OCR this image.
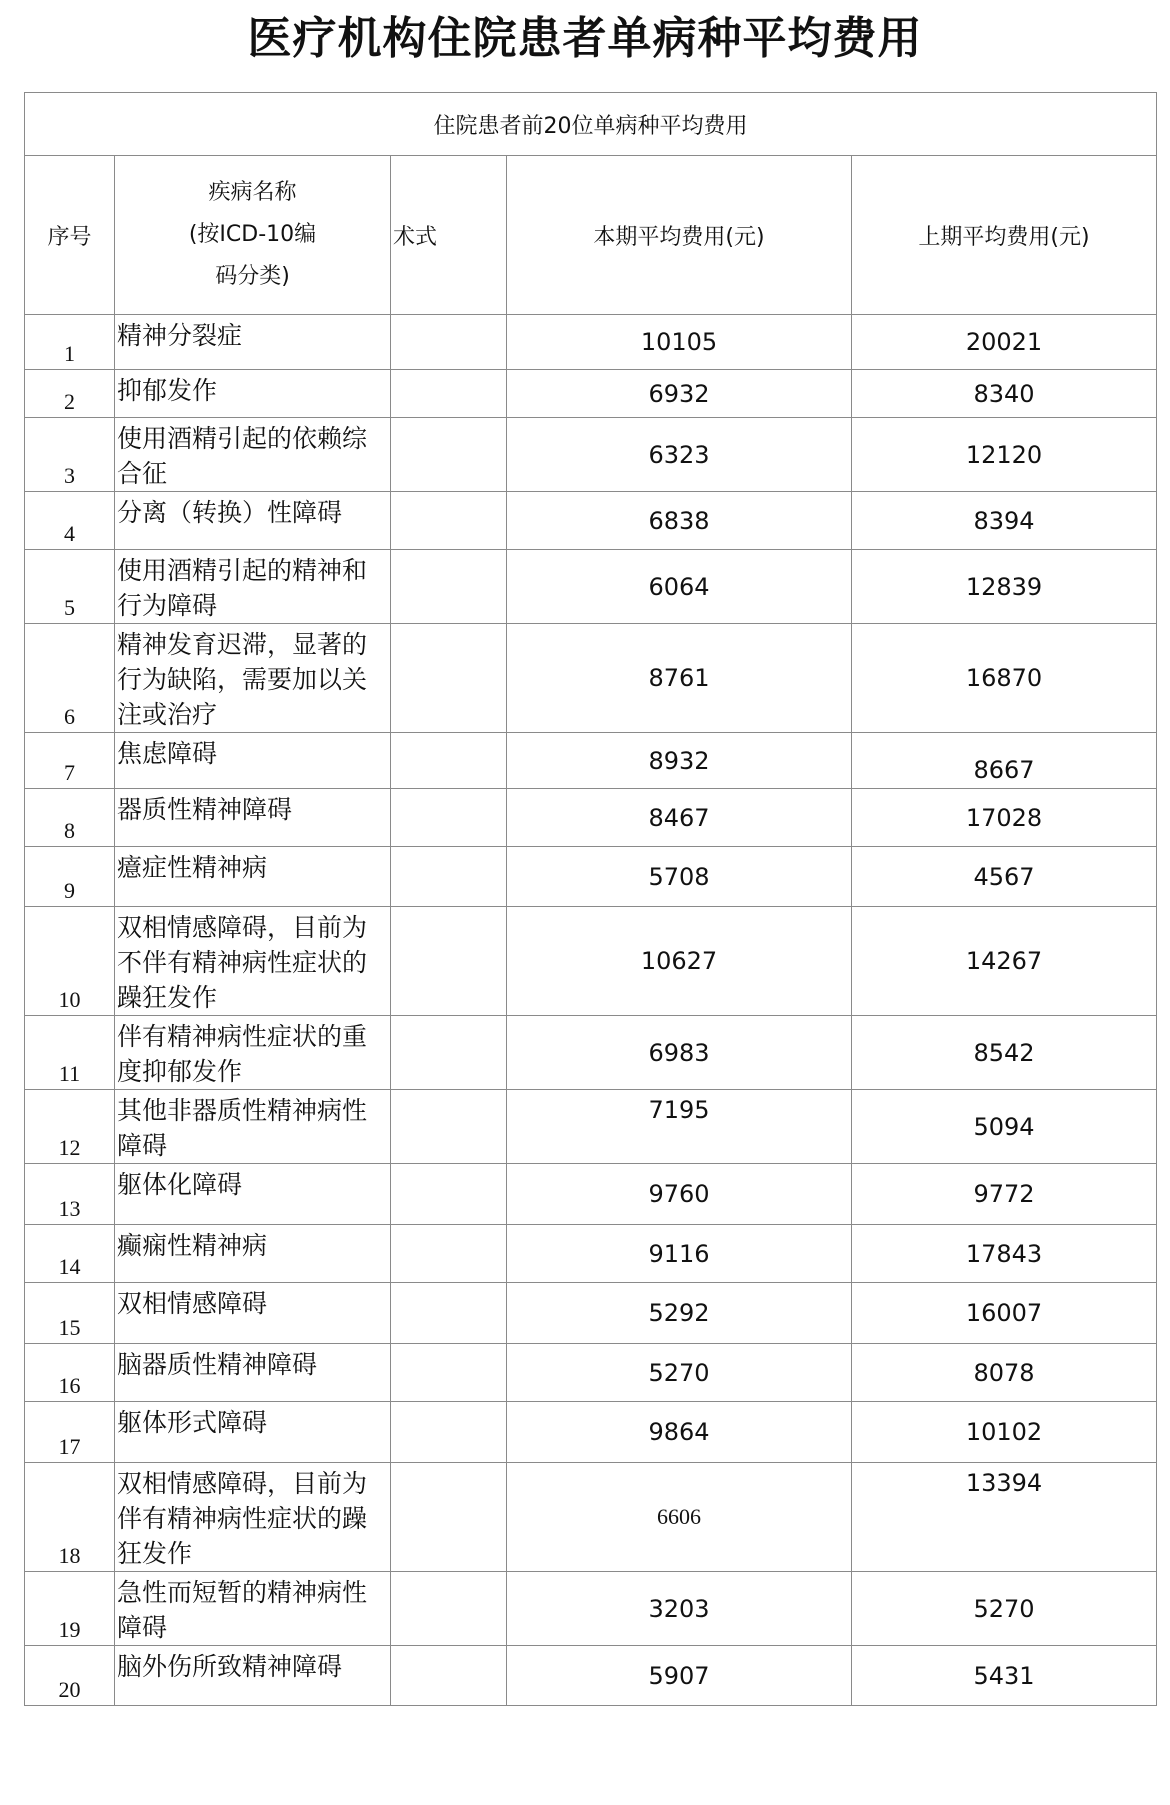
医疗机构住院患者单病种平均费用
住院患者前20位单病种平均费用				
序号	疾病名称
(按ICD-10编
码分类)	术式	本期平均费用(元)	上期平均费用(元)
1	精神分裂症		10105	20021
2	抑郁发作		6932	8340
3	使用酒精引起的依赖综合征		6323	12120
4	分离（转换）性障碍		6838	8394
5	使用酒精引起的精神和行为障碍		6064	12839
6	精神发育迟滞，显著的行为缺陷，需要加以关注或治疗		8761	16870
7	焦虑障碍		8932	8667
8	器质性精神障碍		8467	17028
9	癔症性精神病		5708	4567
10	双相情感障碍，目前为不伴有精神病性症状的躁狂发作		10627	14267
11	伴有精神病性症状的重度抑郁发作		6983	8542
12	其他非器质性精神病性障碍		7195	5094
13	躯体化障碍		9760	9772
14	癫痫性精神病		9116	17843
15	双相情感障碍		5292	16007
16	脑器质性精神障碍		5270	8078
17	躯体形式障碍		9864	10102
18	双相情感障碍，目前为伴有精神病性症状的躁狂发作		6606	13394
19	急性而短暂的精神病性障碍		3203	5270
20	脑外伤所致精神障碍		5907	5431
